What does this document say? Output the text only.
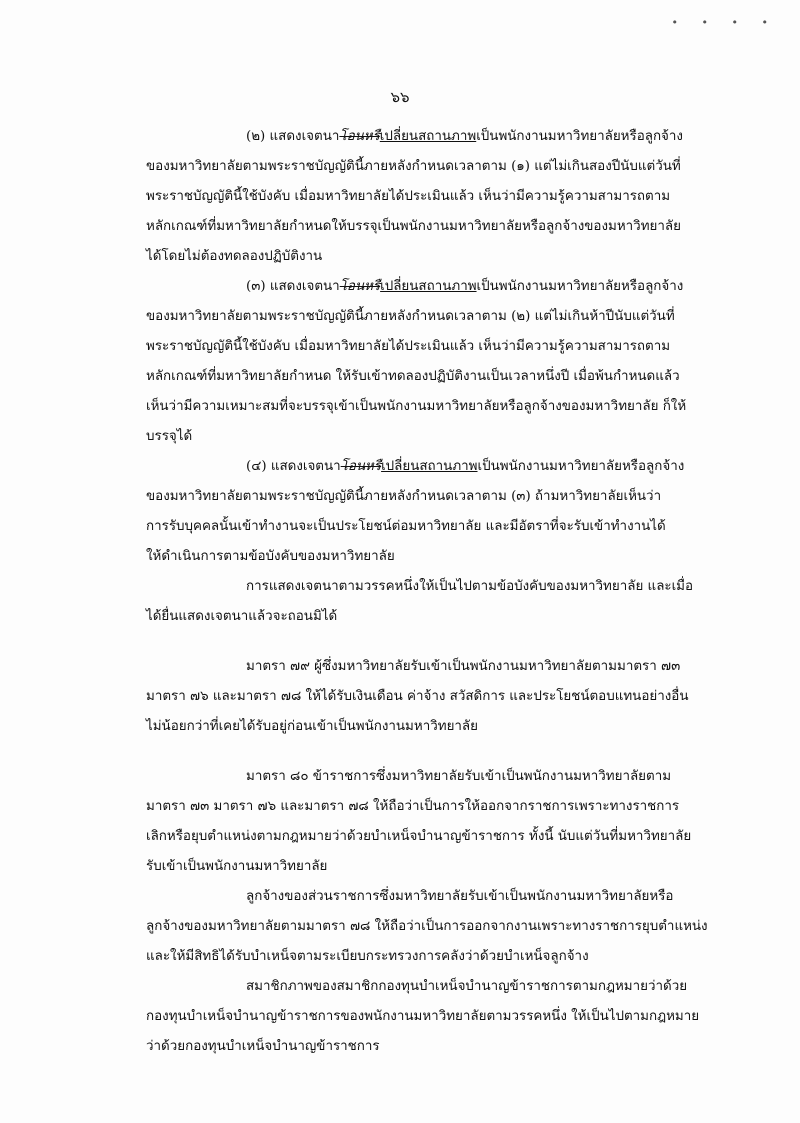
• • • •
๖๖

(๒) แสดงเจตนาโอนหรืเปลี่ยนสถานภาพเป็นพนักงานมหาวิทยาลัยหรือลูกจ้าง

ของมหาวิทยาลัยตามพระราชบัญญัตินี้ภายหลังกำหนดเวลาตาม (๑) แต่ไม่เกินสองปีนับแต่วันที่

พระราชบัญญัตินี้ใช้บังคับ เมื่อมหาวิทยาลัยได้ประเมินแล้ว เห็นว่ามีความรู้ความสามารถตาม

หลักเกณฑ์ที่มหาวิทยาลัยกำหนดให้บรรจุเป็นพนักงานมหาวิทยาลัยหรือลูกจ้างของมหาวิทยาลัย

ได้โดยไม่ต้องทดลองปฏิบัติงาน

(๓) แสดงเจตนาโอนหรืเปลี่ยนสถานภาพเป็นพนักงานมหาวิทยาลัยหรือลูกจ้าง

ของมหาวิทยาลัยตามพระราชบัญญัตินี้ภายหลังกำหนดเวลาตาม (๒) แต่ไม่เกินห้าปีนับแต่วันที่

พระราชบัญญัตินี้ใช้บังคับ เมื่อมหาวิทยาลัยได้ประเมินแล้ว เห็นว่ามีความรู้ความสามารถตาม

หลักเกณฑ์ที่มหาวิทยาลัยกำหนด ให้รับเข้าทดลองปฏิบัติงานเป็นเวลาหนึ่งปี เมื่อพ้นกำหนดแล้ว

เห็นว่ามีความเหมาะสมที่จะบรรจุเข้าเป็นพนักงานมหาวิทยาลัยหรือลูกจ้างของมหาวิทยาลัย ก็ให้

บรรจุได้

(๔) แสดงเจตนาโอนหรืเปลี่ยนสถานภาพเป็นพนักงานมหาวิทยาลัยหรือลูกจ้าง

ของมหาวิทยาลัยตามพระราชบัญญัตินี้ภายหลังกำหนดเวลาตาม (๓) ถ้ามหาวิทยาลัยเห็นว่า

การรับบุคคลนั้นเข้าทำงานจะเป็นประโยชน์ต่อมหาวิทยาลัย และมีอัตราที่จะรับเข้าทำงานได้

ให้ดำเนินการตามข้อบังคับของมหาวิทยาลัย

การแสดงเจตนาตามวรรคหนึ่งให้เป็นไปตามข้อบังคับของมหาวิทยาลัย และเมื่อ

ได้ยื่นแสดงเจตนาแล้วจะถอนมิได้

มาตรา ๗๙ ผู้ซึ่งมหาวิทยาลัยรับเข้าเป็นพนักงานมหาวิทยาลัยตามมาตรา ๗๓

มาตรา ๗๖ และมาตรา ๗๘ ให้ได้รับเงินเดือน ค่าจ้าง สวัสดิการ และประโยชน์ตอบแทนอย่างอื่น

ไม่น้อยกว่าที่เคยได้รับอยู่ก่อนเข้าเป็นพนักงานมหาวิทยาลัย

มาตรา ๘๐ ข้าราชการซึ่งมหาวิทยาลัยรับเข้าเป็นพนักงานมหาวิทยาลัยตาม

มาตรา ๗๓ มาตรา ๗๖ และมาตรา ๗๘ ให้ถือว่าเป็นการให้ออกจากราชการเพราะทางราชการ

เลิกหรือยุบตำแหน่งตามกฎหมายว่าด้วยบำเหน็จบำนาญข้าราชการ ทั้งนี้ นับแต่วันที่มหาวิทยาลัย

รับเข้าเป็นพนักงานมหาวิทยาลัย

ลูกจ้างของส่วนราชการซึ่งมหาวิทยาลัยรับเข้าเป็นพนักงานมหาวิทยาลัยหรือ

ลูกจ้างของมหาวิทยาลัยตามมาตรา ๗๘ ให้ถือว่าเป็นการออกจากงานเพราะทางราชการยุบตำแหน่ง

และให้มีสิทธิได้รับบำเหน็จตามระเบียบกระทรวงการคลังว่าด้วยบำเหน็จลูกจ้าง

สมาชิกภาพของสมาชิกกองทุนบำเหน็จบำนาญข้าราชการตามกฎหมายว่าด้วย

กองทุนบำเหน็จบำนาญข้าราชการของพนักงานมหาวิทยาลัยตามวรรคหนึ่ง ให้เป็นไปตามกฎหมาย

ว่าด้วยกองทุนบำเหน็จบำนาญข้าราชการ
